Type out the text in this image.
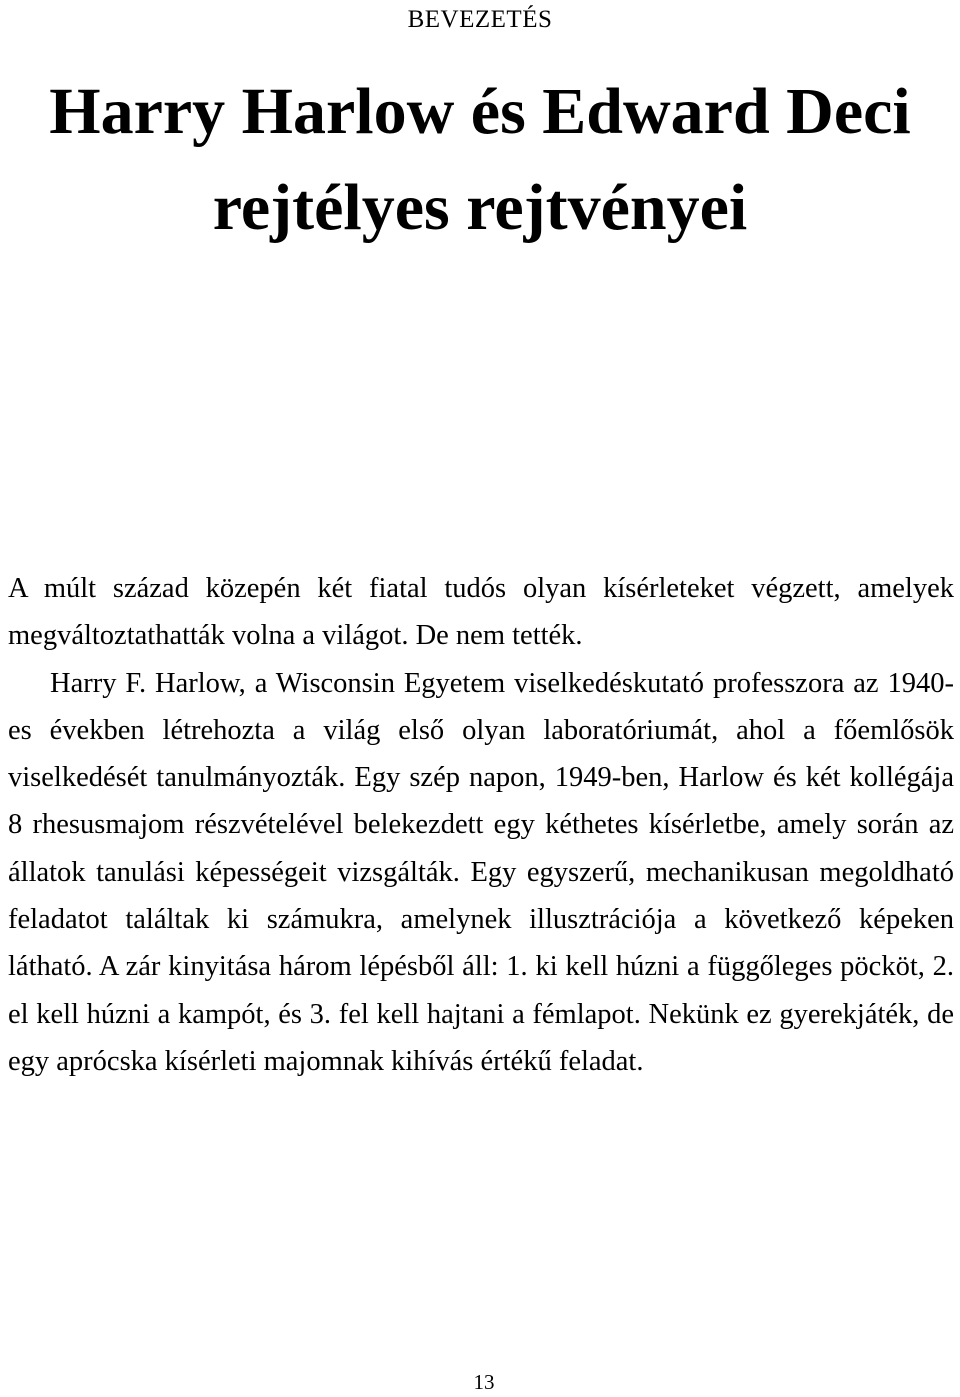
BEVEZETÉS
Harry Harlow és Edward Deci
rejtélyes rejtvényei

A múlt század közepén két fiatal tudós olyan kísérleteket végzett, amelyek megváltoztathatták volna a világot. De nem tették.

Harry F. Harlow, a Wisconsin Egyetem viselkedéskutató professzora az 1940-es években létrehozta a világ első olyan laboratóriumát, ahol a főemlősök viselkedését tanulmányozták. Egy szép napon, 1949-ben, Harlow és két kollégája 8 rhesusmajom részvételével belekezdett egy kéthetes kísérletbe, amely során az állatok tanulási képességeit vizsgálták. Egy egyszerű, mechanikusan megoldható feladatot találtak ki számukra, amelynek illusztrációja a következő képeken látható. A zár kinyitása három lépésből áll: 1. ki kell húzni a függőleges pöcköt, 2. el kell húzni a kampót, és 3. fel kell hajtani a fémlapot. Nekünk ez gyerekjáték, de egy aprócska kísérleti majomnak kihívás értékű feladat.

13
